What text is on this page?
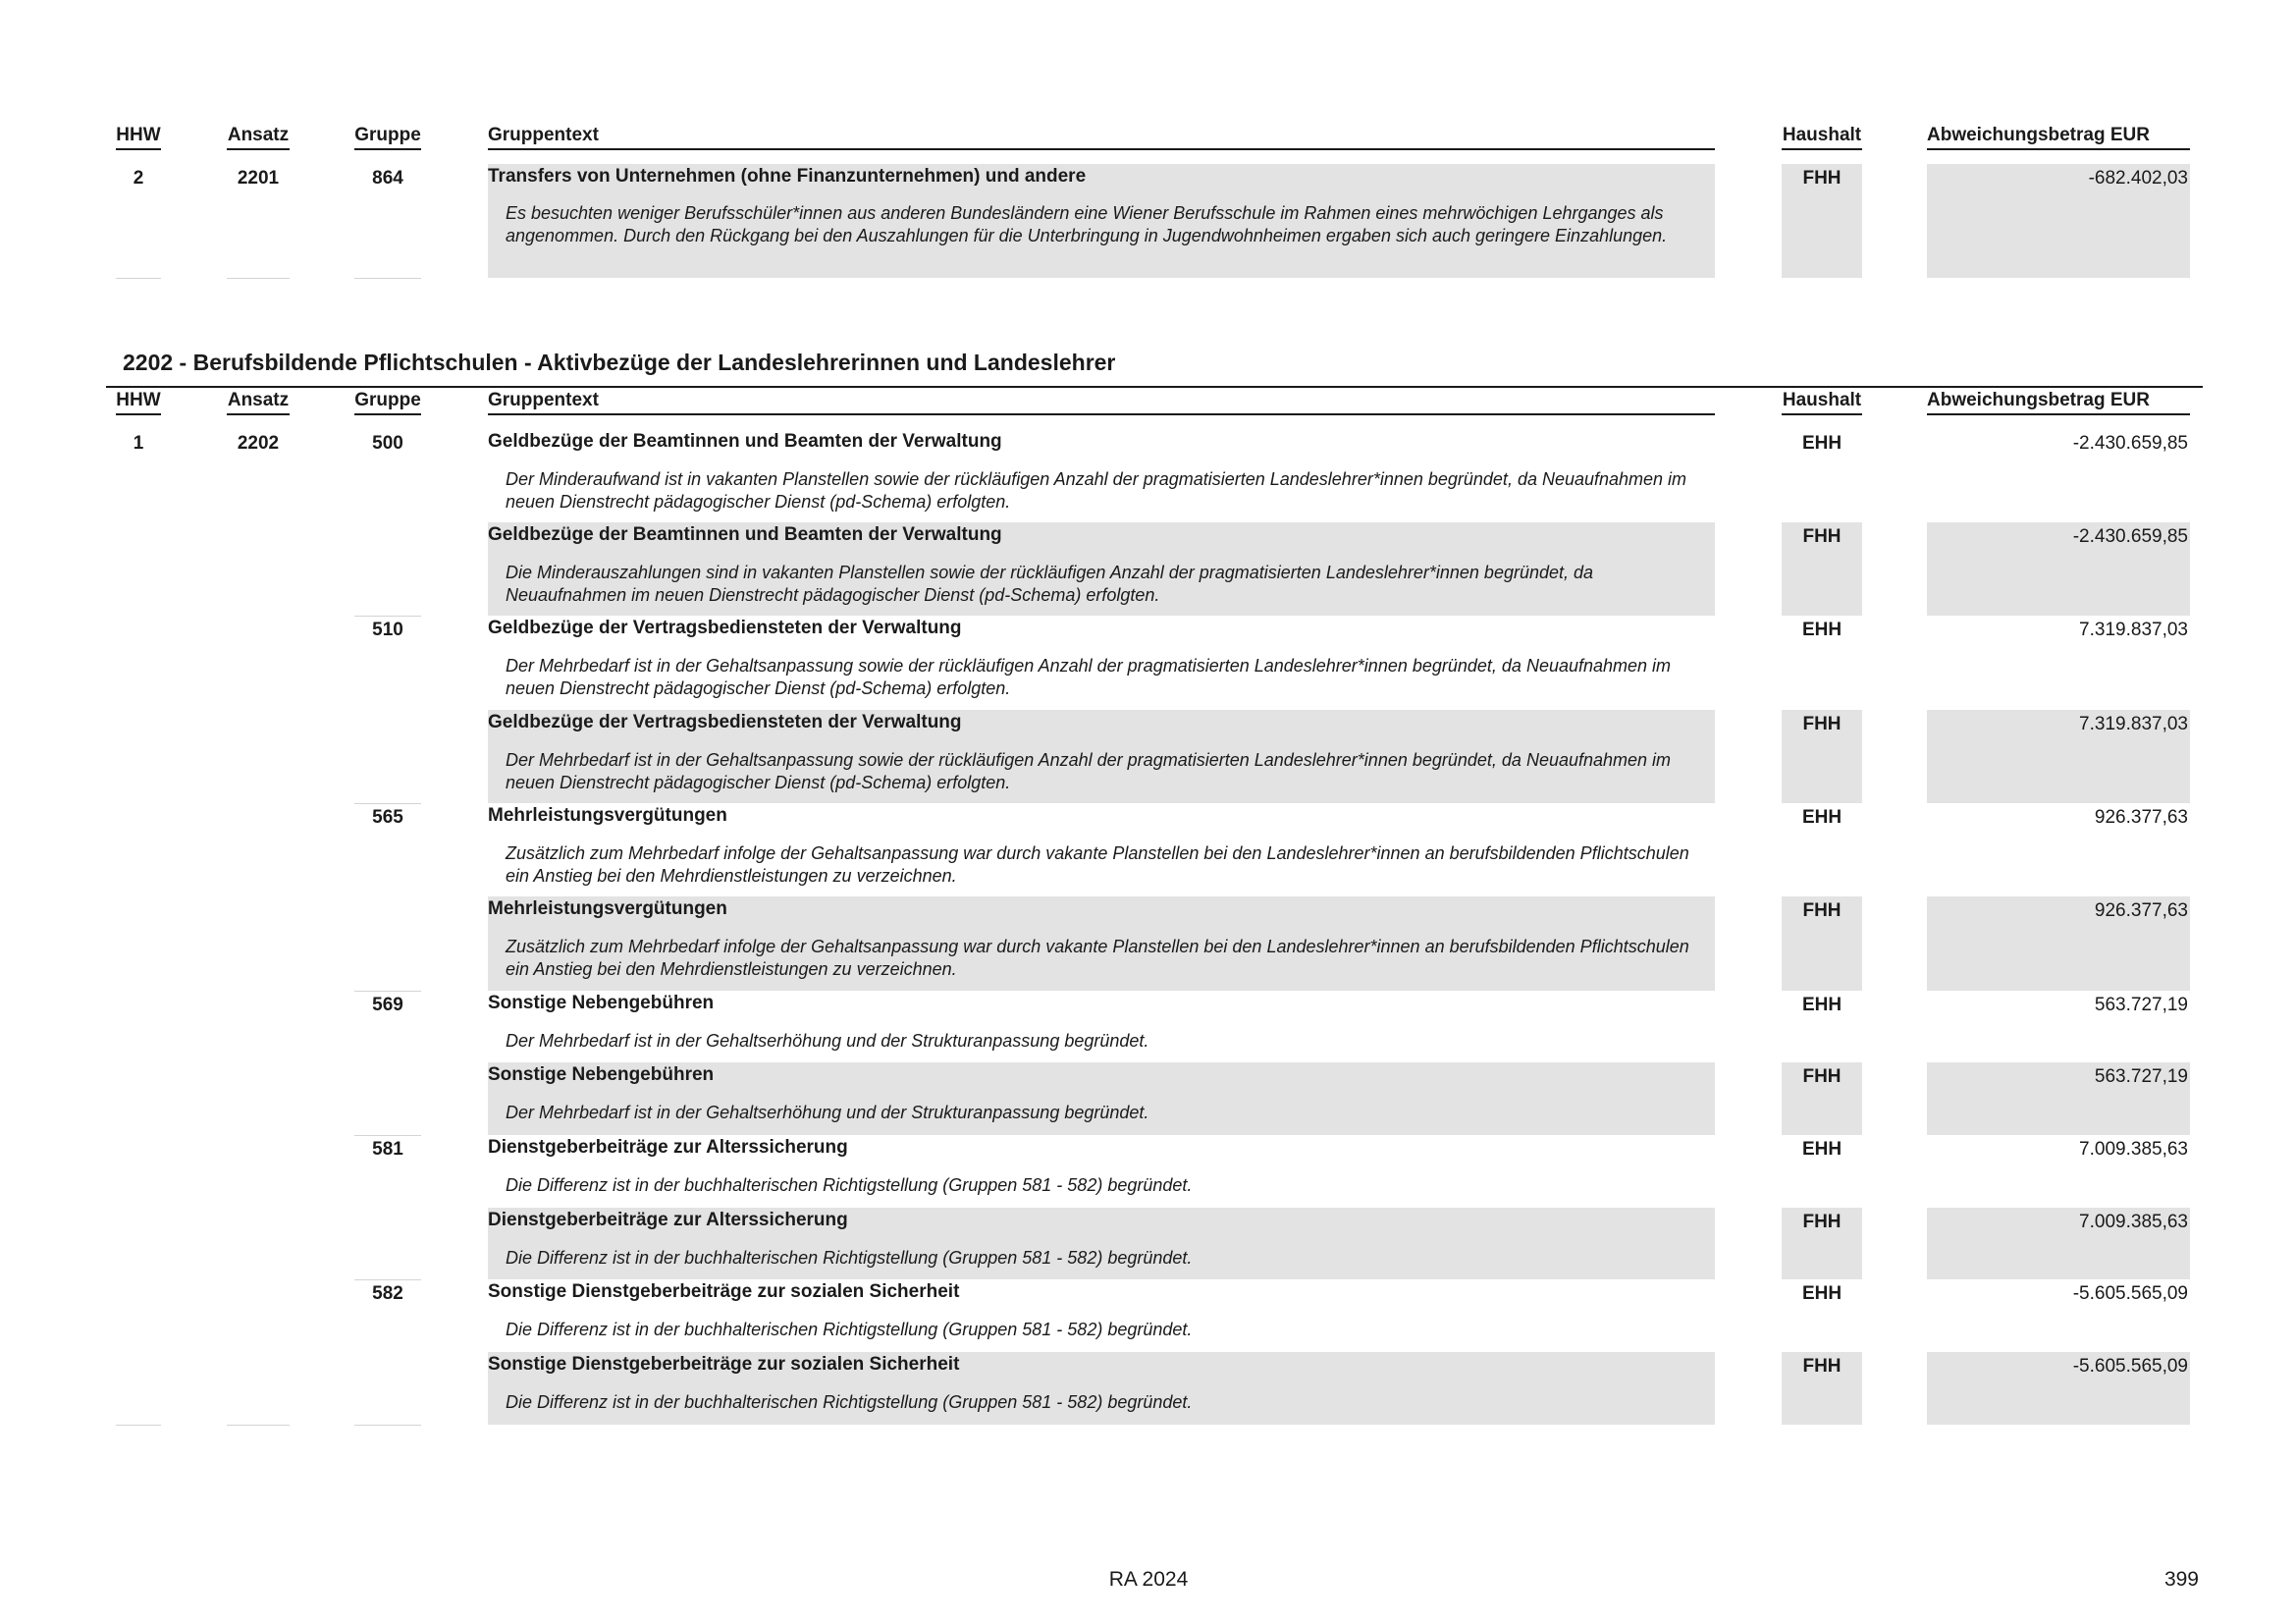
HHW	Ansatz	Gruppe	Gruppentext	Haushalt	Abweichungsbetrag EUR
2	2201	864	Transfers von Unternehmen (ohne Finanzunternehmen) und andere
Es besuchten weniger Berufsschüler*innen aus anderen Bundesländern eine Wiener Berufsschule im Rahmen eines mehrwöchigen Lehrganges als angenommen. Durch den Rückgang bei den Auszahlungen für die Unterbringung in Jugendwohnheimen ergaben sich auch geringere Einzahlungen.
FHH	-682.402,03
2202 - Berufsbildende Pflichtschulen - Aktivbezüge der Landeslehrerinnen und Landeslehrer
HHW	Ansatz	Gruppe	Gruppentext	Haushalt	Abweichungsbetrag EUR
1	2202	500	Geldbezüge der Beamtinnen und Beamten der Verwaltung
Der Minderaufwand ist in vakanten Planstellen sowie der rückläufigen Anzahl der pragmatisierten Landeslehrer*innen begründet, da Neuaufnahmen im neuen Dienstrecht pädagogischer Dienst (pd-Schema) erfolgten.
EHH	-2.430.659,85
Geldbezüge der Beamtinnen und Beamten der Verwaltung
Die Minderauszahlungen sind in vakanten Planstellen sowie der rückläufigen Anzahl der pragmatisierten Landeslehrer*innen begründet, da Neuaufnahmen im neuen Dienstrecht pädagogischer Dienst (pd-Schema) erfolgten.
FHH	-2.430.659,85
510	Geldbezüge der Vertragsbediensteten der Verwaltung
Der Mehrbedarf ist in der Gehaltsanpassung sowie der rückläufigen Anzahl der pragmatisierten Landeslehrer*innen begründet, da Neuaufnahmen im neuen Dienstrecht pädagogischer Dienst (pd-Schema) erfolgten.
EHH	7.319.837,03
Geldbezüge der Vertragsbediensteten der Verwaltung
Der Mehrbedarf ist in der Gehaltsanpassung sowie der rückläufigen Anzahl der pragmatisierten Landeslehrer*innen begründet, da Neuaufnahmen im neuen Dienstrecht pädagogischer Dienst (pd-Schema) erfolgten.
FHH	7.319.837,03
565	Mehrleistungsvergütungen
Zusätzlich zum Mehrbedarf infolge der Gehaltsanpassung war durch vakante Planstellen bei den Landeslehrer*innen an berufsbildenden Pflichtschulen ein Anstieg bei den Mehrdienstleistungen zu verzeichnen.
EHH	926.377,63
Mehrleistungsvergütungen
Zusätzlich zum Mehrbedarf infolge der Gehaltsanpassung war durch vakante Planstellen bei den Landeslehrer*innen an berufsbildenden Pflichtschulen ein Anstieg bei den Mehrdienstleistungen zu verzeichnen.
FHH	926.377,63
569	Sonstige Nebengebühren
Der Mehrbedarf ist in der Gehaltserhöhung und der Strukturanpassung begründet.
EHH	563.727,19
Sonstige Nebengebühren
Der Mehrbedarf ist in der Gehaltserhöhung und der Strukturanpassung begründet.
FHH	563.727,19
581	Dienstgeberbeiträge zur Alterssicherung
Die Differenz ist in der buchhalterischen Richtigstellung (Gruppen 581 - 582) begründet.
EHH	7.009.385,63
Dienstgeberbeiträge zur Alterssicherung
Die Differenz ist in der buchhalterischen Richtigstellung (Gruppen 581 - 582) begründet.
FHH	7.009.385,63
582	Sonstige Dienstgeberbeiträge zur sozialen Sicherheit
Die Differenz ist in der buchhalterischen Richtigstellung (Gruppen 581 - 582) begründet.
EHH	-5.605.565,09
Sonstige Dienstgeberbeiträge zur sozialen Sicherheit
Die Differenz ist in der buchhalterischen Richtigstellung (Gruppen 581 - 582) begründet.
FHH	-5.605.565,09
RA 2024	399
